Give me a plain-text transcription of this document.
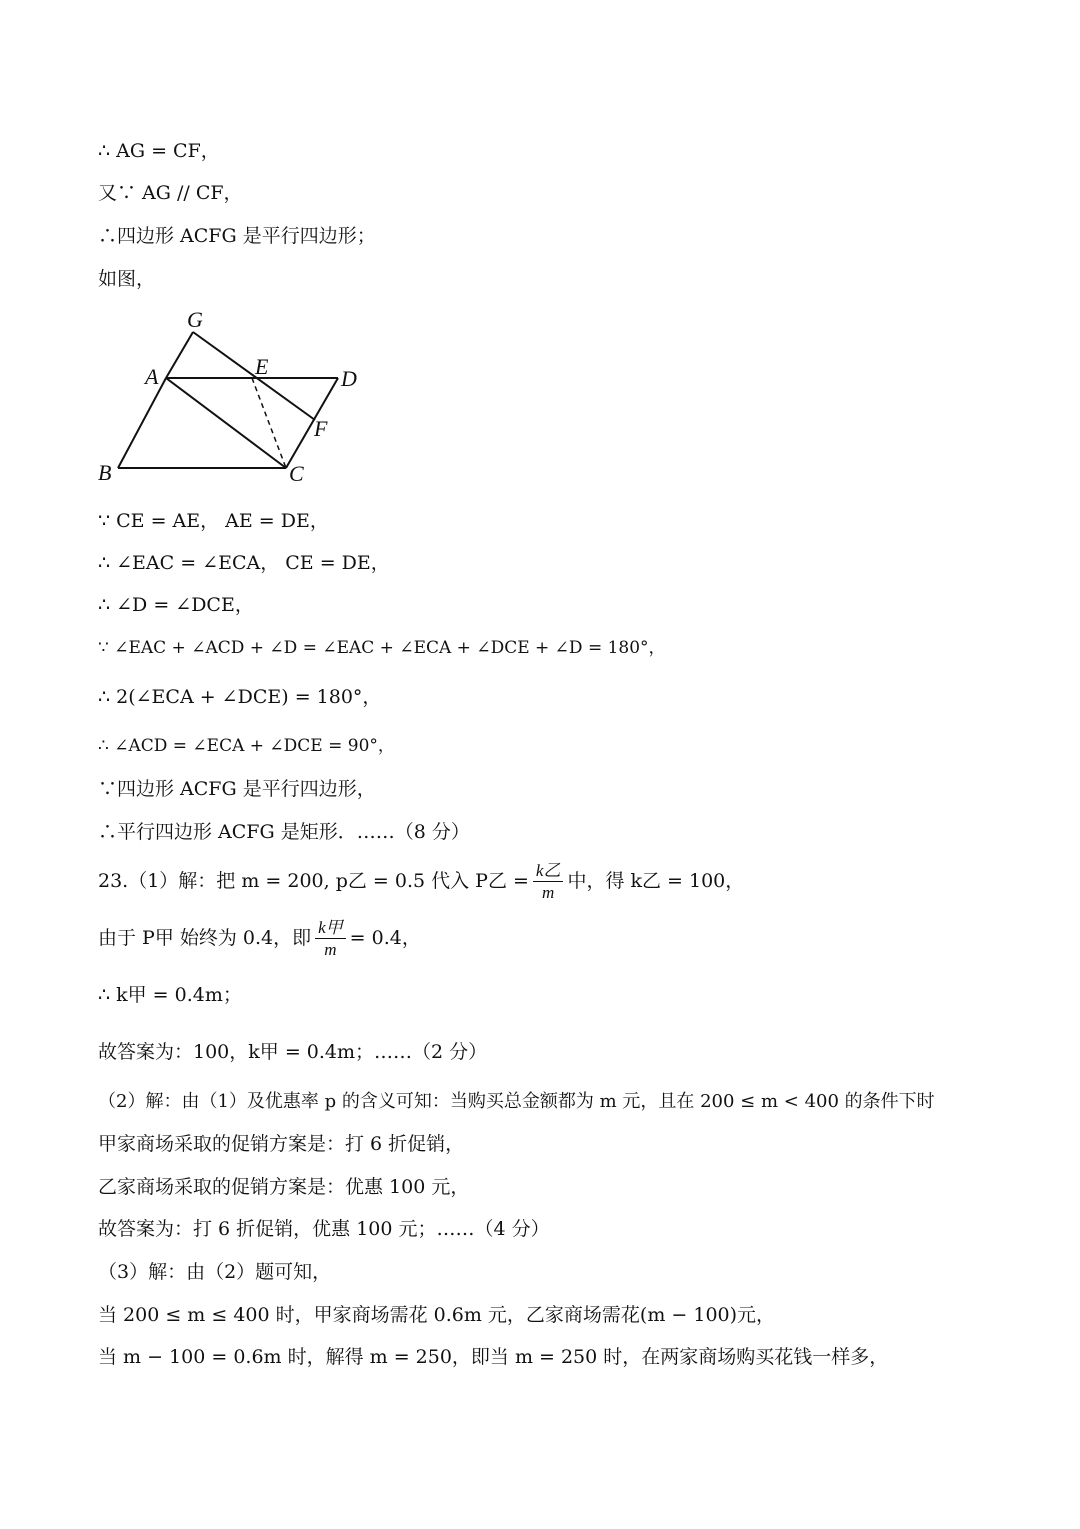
∴ AG = CF，
又∵ AG // CF，
∴四边形 ACFG 是平行四边形；
如图，
G
A	E	D
F
B	C
∵ CE = AE， AE = DE，
∴ ∠EAC = ∠ECA， CE = DE，
∴ ∠D = ∠DCE，
∵ ∠EAC + ∠ACD + ∠D = ∠EAC + ∠ECA + ∠DCE + ∠D = 180°，
∴ 2(∠ECA + ∠DCE) = 180°，
∴ ∠ACD = ∠ECA + ∠DCE = 90°，
∵四边形 ACFG 是平行四边形，
∴平行四边形 ACFG 是矩形．……（8 分）
23.（1）解：把 m = 200, p乙 = 0.5 代入 P乙 = $\frac{\text{k乙}}{m}$ 中，得 k乙 = 100，
由于 P甲 始终为 0.4，即 $\frac{\text{k甲}}{m} = 0.4$，
∴ k甲 = 0.4m；
故答案为：100，k甲 = 0.4m；……（2 分）
（2）解：由（1）及优惠率 p 的含义可知：当购买总金额都为 m 元，且在 200 ≤ m < 400 的条件下时
甲家商场采取的促销方案是：打 6 折促销，
乙家商场采取的促销方案是：优惠 100 元，
故答案为：打 6 折促销，优惠 100 元；……（4 分）
（3）解：由（2）题可知，
当 200 ≤ m ≤ 400 时，甲家商场需花 0.6m 元，乙家商场需花(m − 100)元，
当 m − 100 = 0.6m 时，解得 m = 250，即当 m = 250 时，在两家商场购买花钱一样多，
